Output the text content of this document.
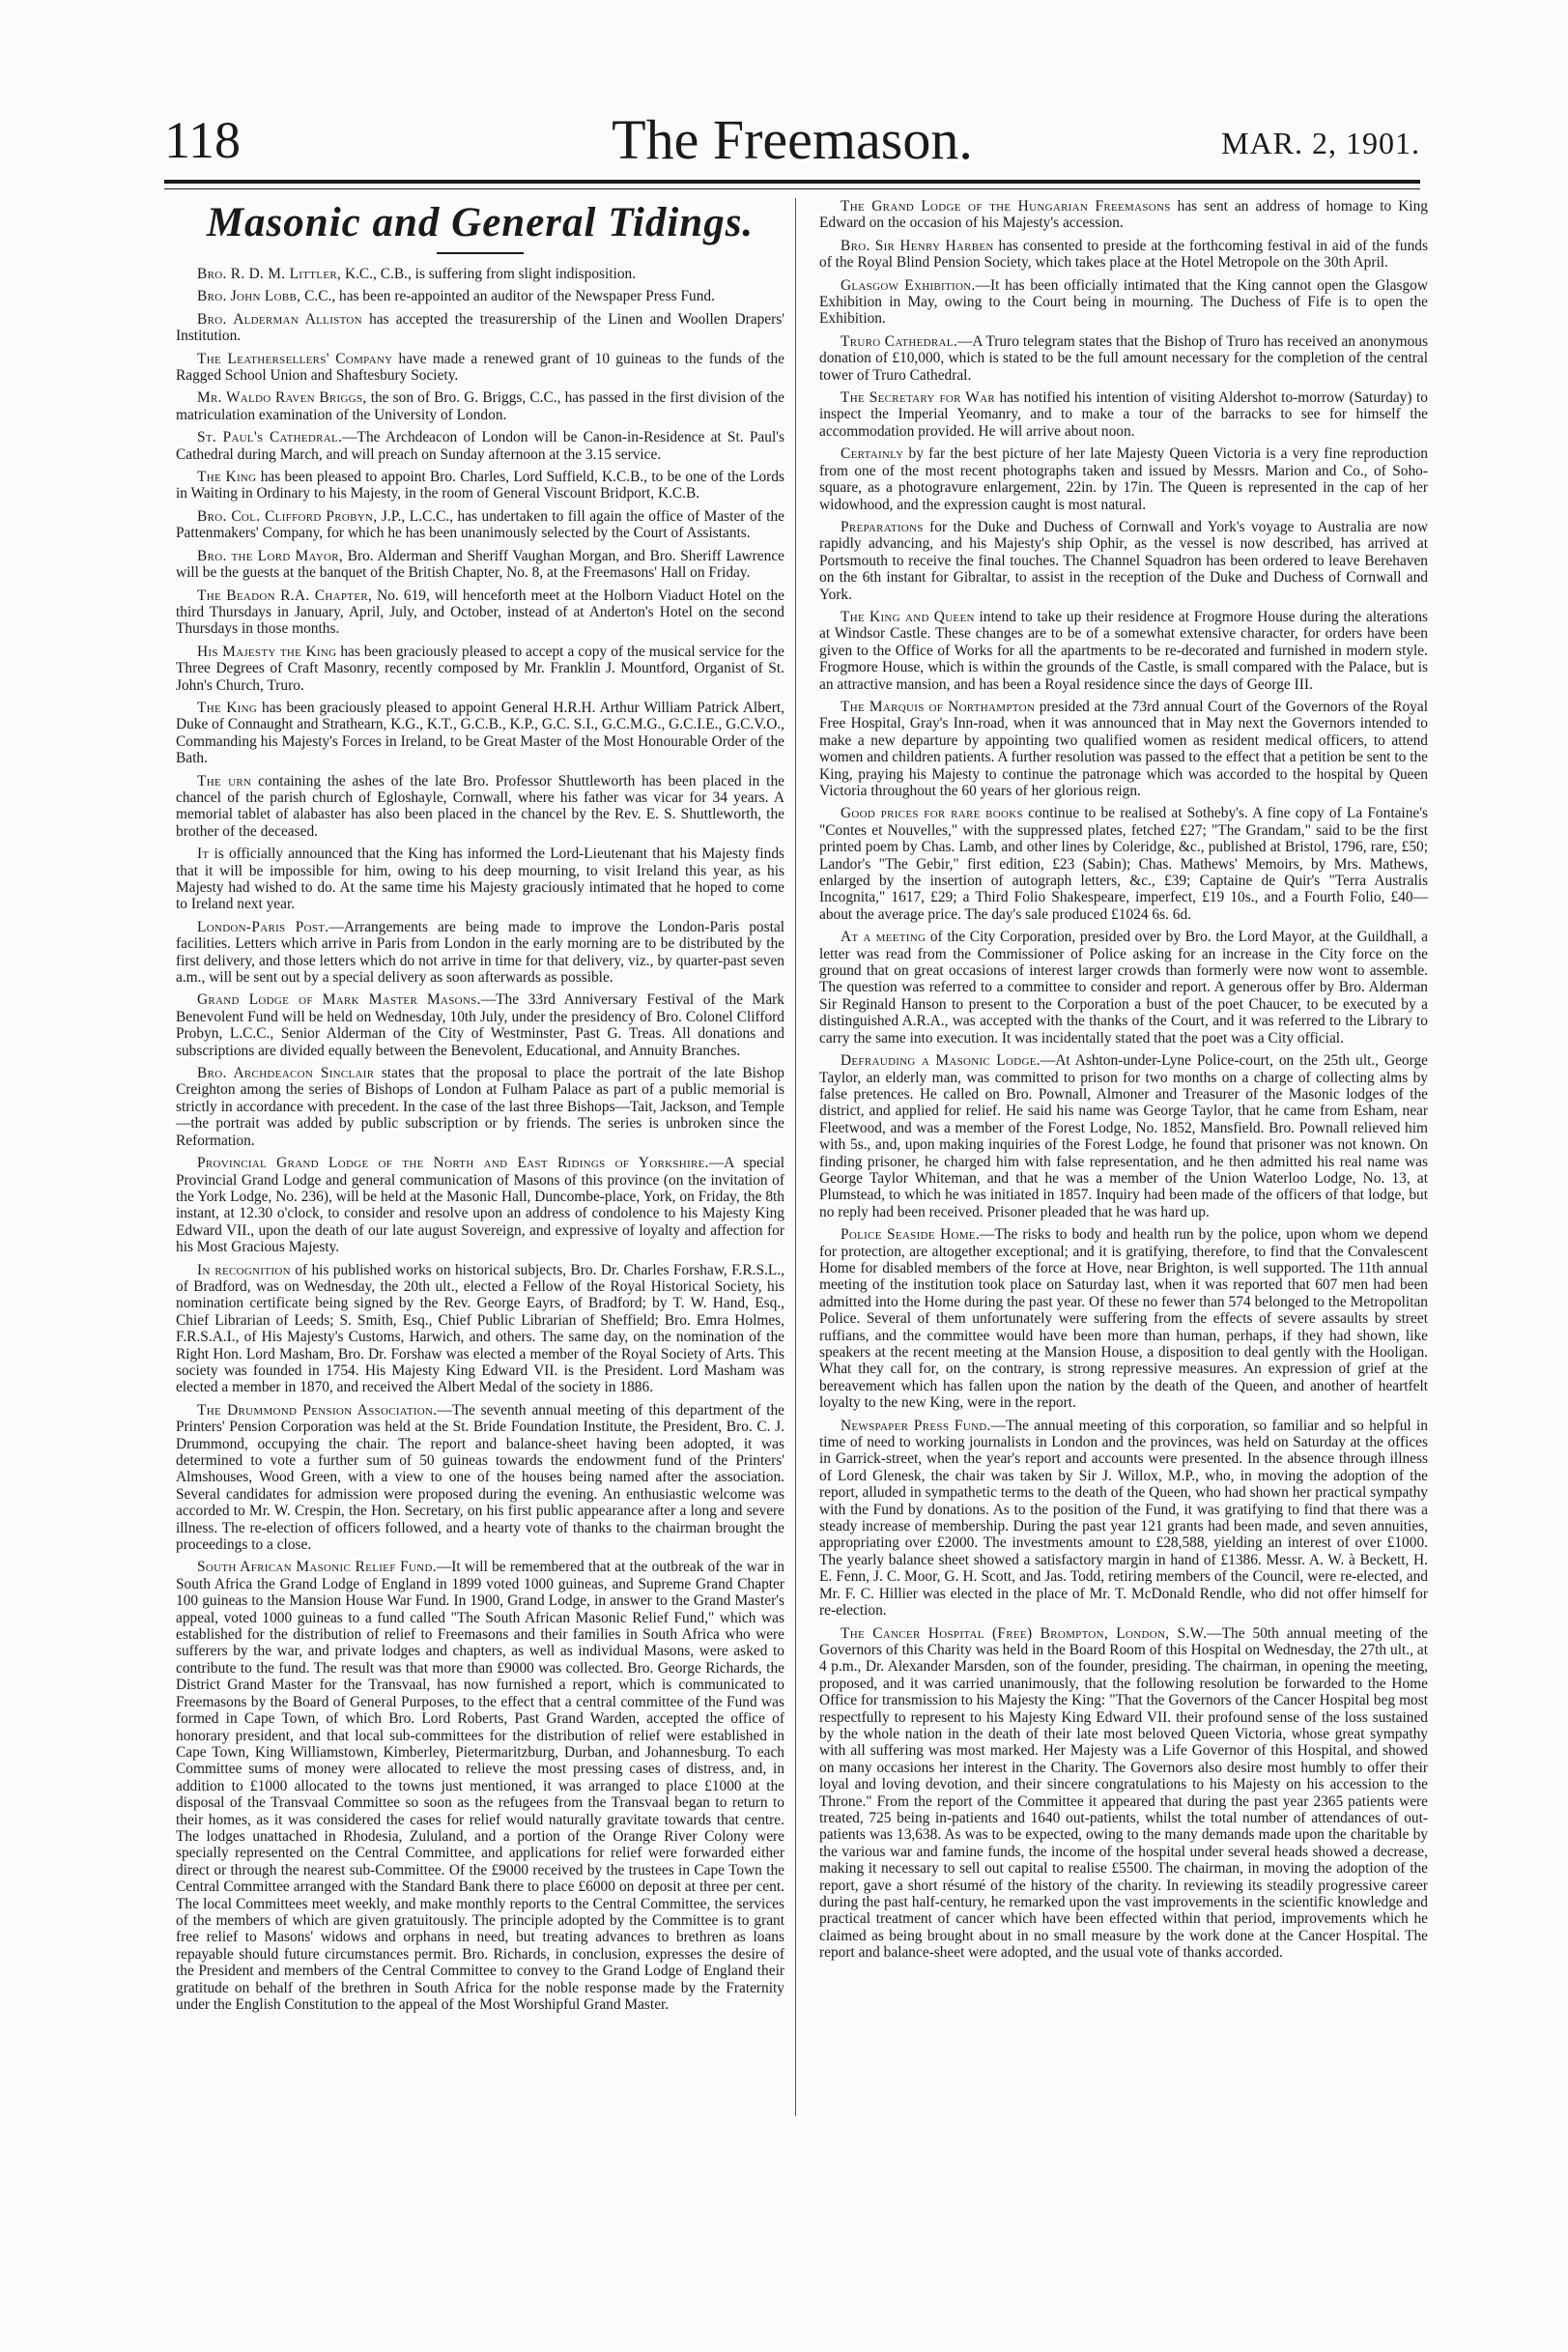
118	The Freemason.	MAR. 2, 1901.
Masonic and General Tidings.

Bro. R. D. M. Littler, K.C., C.B., is suffering from slight indisposition.

Bro. John Lobb, C.C., has been re-appointed an auditor of the Newspaper Press Fund.

Bro. Alderman Alliston has accepted the treasurership of the Linen and Woollen Drapers' Institution.

The Leathersellers' Company have made a renewed grant of 10 guineas to the funds of the Ragged School Union and Shaftesbury Society.

Mr. Waldo Raven Briggs, the son of Bro. G. Briggs, C.C., has passed in the first division of the matriculation examination of the University of London.

St. Paul's Cathedral.—The Archdeacon of London will be Canon-in-Residence at St. Paul's Cathedral during March, and will preach on Sunday afternoon at the 3.15 service.

The King has been pleased to appoint Bro. Charles, Lord Suffield, K.C.B., to be one of the Lords in Waiting in Ordinary to his Majesty, in the room of General Viscount Bridport, K.C.B.

Bro. Col. Clifford Probyn, J.P., L.C.C., has undertaken to fill again the office of Master of the Pattenmakers' Company, for which he has been unanimously selected by the Court of Assistants.

Bro. the Lord Mayor, Bro. Alderman and Sheriff Vaughan Morgan, and Bro. Sheriff Lawrence will be the guests at the banquet of the British Chapter, No. 8, at the Freemasons' Hall on Friday.

The Beadon R.A. Chapter, No. 619, will henceforth meet at the Holborn Viaduct Hotel on the third Thursdays in January, April, July, and October, instead of at Anderton's Hotel on the second Thursdays in those months.

His Majesty the King has been graciously pleased to accept a copy of the musical service for the Three Degrees of Craft Masonry, recently composed by Mr. Franklin J. Mountford, Organist of St. John's Church, Truro.

The King has been graciously pleased to appoint General H.R.H. Arthur William Patrick Albert, Duke of Connaught and Strathearn, K.G., K.T., G.C.B., K.P., G.C. S.I., G.C.M.G., G.C.I.E., G.C.V.O., Commanding his Majesty's Forces in Ireland, to be Great Master of the Most Honourable Order of the Bath.

The urn containing the ashes of the late Bro. Professor Shuttleworth has been placed in the chancel of the parish church of Egloshayle, Cornwall, where his father was vicar for 34 years. A memorial tablet of alabaster has also been placed in the chancel by the Rev. E. S. Shuttleworth, the brother of the deceased.

It is officially announced that the King has informed the Lord-Lieutenant that his Majesty finds that it will be impossible for him, owing to his deep mourning, to visit Ireland this year, as his Majesty had wished to do. At the same time his Majesty graciously intimated that he hoped to come to Ireland next year.

London-Paris Post.—Arrangements are being made to improve the London-Paris postal facilities. Letters which arrive in Paris from London in the early morning are to be distributed by the first delivery, and those letters which do not arrive in time for that delivery, viz., by quarter-past seven a.m., will be sent out by a special delivery as soon afterwards as possible.

Grand Lodge of Mark Master Masons.—The 33rd Anniversary Festival of the Mark Benevolent Fund will be held on Wednesday, 10th July, under the presidency of Bro. Colonel Clifford Probyn, L.C.C., Senior Alderman of the City of Westminster, Past G. Treas. All donations and subscriptions are divided equally between the Benevolent, Educational, and Annuity Branches.

Bro. Archdeacon Sinclair states that the proposal to place the portrait of the late Bishop Creighton among the series of Bishops of London at Fulham Palace as part of a public memorial is strictly in accordance with precedent. In the case of the last three Bishops—Tait, Jackson, and Temple—the portrait was added by public subscription or by friends. The series is unbroken since the Reformation.

Provincial Grand Lodge of the North and East Ridings of Yorkshire.—A special Provincial Grand Lodge and general communication of Masons of this province (on the invitation of the York Lodge, No. 236), will be held at the Masonic Hall, Duncombe-place, York, on Friday, the 8th instant, at 12.30 o'clock, to consider and resolve upon an address of condolence to his Majesty King Edward VII., upon the death of our late august Sovereign, and expressive of loyalty and affection for his Most Gracious Majesty.

In recognition of his published works on historical subjects, Bro. Dr. Charles Forshaw, F.R.S.L., of Bradford, was on Wednesday, the 20th ult., elected a Fellow of the Royal Historical Society, his nomination certificate being signed by the Rev. George Eayrs, of Bradford; by T. W. Hand, Esq., Chief Librarian of Leeds; S. Smith, Esq., Chief Public Librarian of Sheffield; Bro. Emra Holmes, F.R.S.A.I., of His Majesty's Customs, Harwich, and others. The same day, on the nomination of the Right Hon. Lord Masham, Bro. Dr. Forshaw was elected a member of the Royal Society of Arts. This society was founded in 1754. His Majesty King Edward VII. is the President. Lord Masham was elected a member in 1870, and received the Albert Medal of the society in 1886.

The Drummond Pension Association.—The seventh annual meeting of this department of the Printers' Pension Corporation was held at the St. Bride Foundation Institute, the President, Bro. C. J. Drummond, occupying the chair. The report and balance-sheet having been adopted, it was determined to vote a further sum of 50 guineas towards the endowment fund of the Printers' Almshouses, Wood Green, with a view to one of the houses being named after the association. Several candidates for admission were proposed during the evening. An enthusiastic welcome was accorded to Mr. W. Crespin, the Hon. Secretary, on his first public appearance after a long and severe illness. The re-election of officers followed, and a hearty vote of thanks to the chairman brought the proceedings to a close.

South African Masonic Relief Fund.—It will be remembered that at the outbreak of the war in South Africa the Grand Lodge of England in 1899 voted 1000 guineas, and Supreme Grand Chapter 100 guineas to the Mansion House War Fund. In 1900, Grand Lodge, in answer to the Grand Master's appeal, voted 1000 guineas to a fund called "The South African Masonic Relief Fund," which was established for the distribution of relief to Freemasons and their families in South Africa who were sufferers by the war, and private lodges and chapters, as well as individual Masons, were asked to contribute to the fund. The result was that more than £9000 was collected. Bro. George Richards, the District Grand Master for the Transvaal, has now furnished a report, which is communicated to Freemasons by the Board of General Purposes, to the effect that a central committee of the Fund was formed in Cape Town, of which Bro. Lord Roberts, Past Grand Warden, accepted the office of honorary president, and that local sub-committees for the distribution of relief were established in Cape Town, King Williamstown, Kimberley, Pietermaritzburg, Durban, and Johannesburg. To each Committee sums of money were allocated to relieve the most pressing cases of distress, and, in addition to £1000 allocated to the towns just mentioned, it was arranged to place £1000 at the disposal of the Transvaal Committee so soon as the refugees from the Transvaal began to return to their homes, as it was considered the cases for relief would naturally gravitate towards that centre. The lodges unattached in Rhodesia, Zululand, and a portion of the Orange River Colony were specially represented on the Central Committee, and applications for relief were forwarded either direct or through the nearest sub-Committee. Of the £9000 received by the trustees in Cape Town the Central Committee arranged with the Standard Bank there to place £6000 on deposit at three per cent. The local Committees meet weekly, and make monthly reports to the Central Committee, the services of the members of which are given gratuitously. The principle adopted by the Committee is to grant free relief to Masons' widows and orphans in need, but treating advances to brethren as loans repayable should future circumstances permit. Bro. Richards, in conclusion, expresses the desire of the President and members of the Central Committee to convey to the Grand Lodge of England their gratitude on behalf of the brethren in South Africa for the noble response made by the Fraternity under the English Constitution to the appeal of the Most Worshipful Grand Master.

The Grand Lodge of the Hungarian Freemasons has sent an address of homage to King Edward on the occasion of his Majesty's accession.

Bro. Sir Henry Harben has consented to preside at the forthcoming festival in aid of the funds of the Royal Blind Pension Society, which takes place at the Hotel Metropole on the 30th April.

Glasgow Exhibition.—It has been officially intimated that the King cannot open the Glasgow Exhibition in May, owing to the Court being in mourning. The Duchess of Fife is to open the Exhibition.

Truro Cathedral.—A Truro telegram states that the Bishop of Truro has received an anonymous donation of £10,000, which is stated to be the full amount necessary for the completion of the central tower of Truro Cathedral.

The Secretary for War has notified his intention of visiting Aldershot to-morrow (Saturday) to inspect the Imperial Yeomanry, and to make a tour of the barracks to see for himself the accommodation provided. He will arrive about noon.

Certainly by far the best picture of her late Majesty Queen Victoria is a very fine reproduction from one of the most recent photographs taken and issued by Messrs. Marion and Co., of Soho-square, as a photogravure enlargement, 22in. by 17in. The Queen is represented in the cap of her widowhood, and the expression caught is most natural.

Preparations for the Duke and Duchess of Cornwall and York's voyage to Australia are now rapidly advancing, and his Majesty's ship Ophir, as the vessel is now described, has arrived at Portsmouth to receive the final touches. The Channel Squadron has been ordered to leave Berehaven on the 6th instant for Gibraltar, to assist in the reception of the Duke and Duchess of Cornwall and York.

The King and Queen intend to take up their residence at Frogmore House during the alterations at Windsor Castle. These changes are to be of a somewhat extensive character, for orders have been given to the Office of Works for all the apartments to be re-decorated and furnished in modern style. Frogmore House, which is within the grounds of the Castle, is small compared with the Palace, but is an attractive mansion, and has been a Royal residence since the days of George III.

The Marquis of Northampton presided at the 73rd annual Court of the Governors of the Royal Free Hospital, Gray's Inn-road, when it was announced that in May next the Governors intended to make a new departure by appointing two qualified women as resident medical officers, to attend women and children patients. A further resolution was passed to the effect that a petition be sent to the King, praying his Majesty to continue the patronage which was accorded to the hospital by Queen Victoria throughout the 60 years of her glorious reign.

Good prices for rare books continue to be realised at Sotheby's. A fine copy of La Fontaine's "Contes et Nouvelles," with the suppressed plates, fetched £27; "The Grandam," said to be the first printed poem by Chas. Lamb, and other lines by Coleridge, &c., published at Bristol, 1796, rare, £50; Landor's "The Gebir," first edition, £23 (Sabin); Chas. Mathews' Memoirs, by Mrs. Mathews, enlarged by the insertion of autograph letters, &c., £39; Captaine de Quir's "Terra Australis Incognita," 1617, £29; a Third Folio Shakespeare, imperfect, £19 10s., and a Fourth Folio, £40—about the average price. The day's sale produced £1024 6s. 6d.

At a meeting of the City Corporation, presided over by Bro. the Lord Mayor, at the Guildhall, a letter was read from the Commissioner of Police asking for an increase in the City force on the ground that on great occasions of interest larger crowds than formerly were now wont to assemble. The question was referred to a committee to consider and report. A generous offer by Bro. Alderman Sir Reginald Hanson to present to the Corporation a bust of the poet Chaucer, to be executed by a distinguished A.R.A., was accepted with the thanks of the Court, and it was referred to the Library to carry the same into execution. It was incidentally stated that the poet was a City official.

Defrauding a Masonic Lodge.—At Ashton-under-Lyne Police-court, on the 25th ult., George Taylor, an elderly man, was committed to prison for two months on a charge of collecting alms by false pretences. He called on Bro. Pownall, Almoner and Treasurer of the Masonic lodges of the district, and applied for relief. He said his name was George Taylor, that he came from Esham, near Fleetwood, and was a member of the Forest Lodge, No. 1852, Mansfield. Bro. Pownall relieved him with 5s., and, upon making inquiries of the Forest Lodge, he found that prisoner was not known. On finding prisoner, he charged him with false representation, and he then admitted his real name was George Taylor Whiteman, and that he was a member of the Union Waterloo Lodge, No. 13, at Plumstead, to which he was initiated in 1857. Inquiry had been made of the officers of that lodge, but no reply had been received. Prisoner pleaded that he was hard up.

Police Seaside Home.—The risks to body and health run by the police, upon whom we depend for protection, are altogether exceptional; and it is gratifying, therefore, to find that the Convalescent Home for disabled members of the force at Hove, near Brighton, is well supported. The 11th annual meeting of the institution took place on Saturday last, when it was reported that 607 men had been admitted into the Home during the past year. Of these no fewer than 574 belonged to the Metropolitan Police. Several of them unfortunately were suffering from the effects of severe assaults by street ruffians, and the committee would have been more than human, perhaps, if they had shown, like speakers at the recent meeting at the Mansion House, a disposition to deal gently with the Hooligan. What they call for, on the contrary, is strong repressive measures. An expression of grief at the bereavement which has fallen upon the nation by the death of the Queen, and another of heartfelt loyalty to the new King, were in the report.

Newspaper Press Fund.—The annual meeting of this corporation, so familiar and so helpful in time of need to working journalists in London and the provinces, was held on Saturday at the offices in Garrick-street, when the year's report and accounts were presented. In the absence through illness of Lord Glenesk, the chair was taken by Sir J. Willox, M.P., who, in moving the adoption of the report, alluded in sympathetic terms to the death of the Queen, who had shown her practical sympathy with the Fund by donations. As to the position of the Fund, it was gratifying to find that there was a steady increase of membership. During the past year 121 grants had been made, and seven annuities, appropriating over £2000. The investments amount to £28,588, yielding an interest of over £1000. The yearly balance sheet showed a satisfactory margin in hand of £1386. Messr. A. W. à Beckett, H. E. Fenn, J. C. Moor, G. H. Scott, and Jas. Todd, retiring members of the Council, were re-elected, and Mr. F. C. Hillier was elected in the place of Mr. T. McDonald Rendle, who did not offer himself for re-election.

The Cancer Hospital (Free) Brompton, London, S.W.—The 50th annual meeting of the Governors of this Charity was held in the Board Room of this Hospital on Wednesday, the 27th ult., at 4 p.m., Dr. Alexander Marsden, son of the founder, presiding. The chairman, in opening the meeting, proposed, and it was carried unanimously, that the following resolution be forwarded to the Home Office for transmission to his Majesty the King: "That the Governors of the Cancer Hospital beg most respectfully to represent to his Majesty King Edward VII. their profound sense of the loss sustained by the whole nation in the death of their late most beloved Queen Victoria, whose great sympathy with all suffering was most marked. Her Majesty was a Life Governor of this Hospital, and showed on many occasions her interest in the Charity. The Governors also desire most humbly to offer their loyal and loving devotion, and their sincere congratulations to his Majesty on his accession to the Throne." From the report of the Committee it appeared that during the past year 2365 patients were treated, 725 being in-patients and 1640 out-patients, whilst the total number of attendances of out-patients was 13,638. As was to be expected, owing to the many demands made upon the charitable by the various war and famine funds, the income of the hospital under several heads showed a decrease, making it necessary to sell out capital to realise £5500. The chairman, in moving the adoption of the report, gave a short résumé of the history of the charity. In reviewing its steadily progressive career during the past half-century, he remarked upon the vast improvements in the scientific knowledge and practical treatment of cancer which have been effected within that period, improvements which he claimed as being brought about in no small measure by the work done at the Cancer Hospital. The report and balance-sheet were adopted, and the usual vote of thanks accorded.
